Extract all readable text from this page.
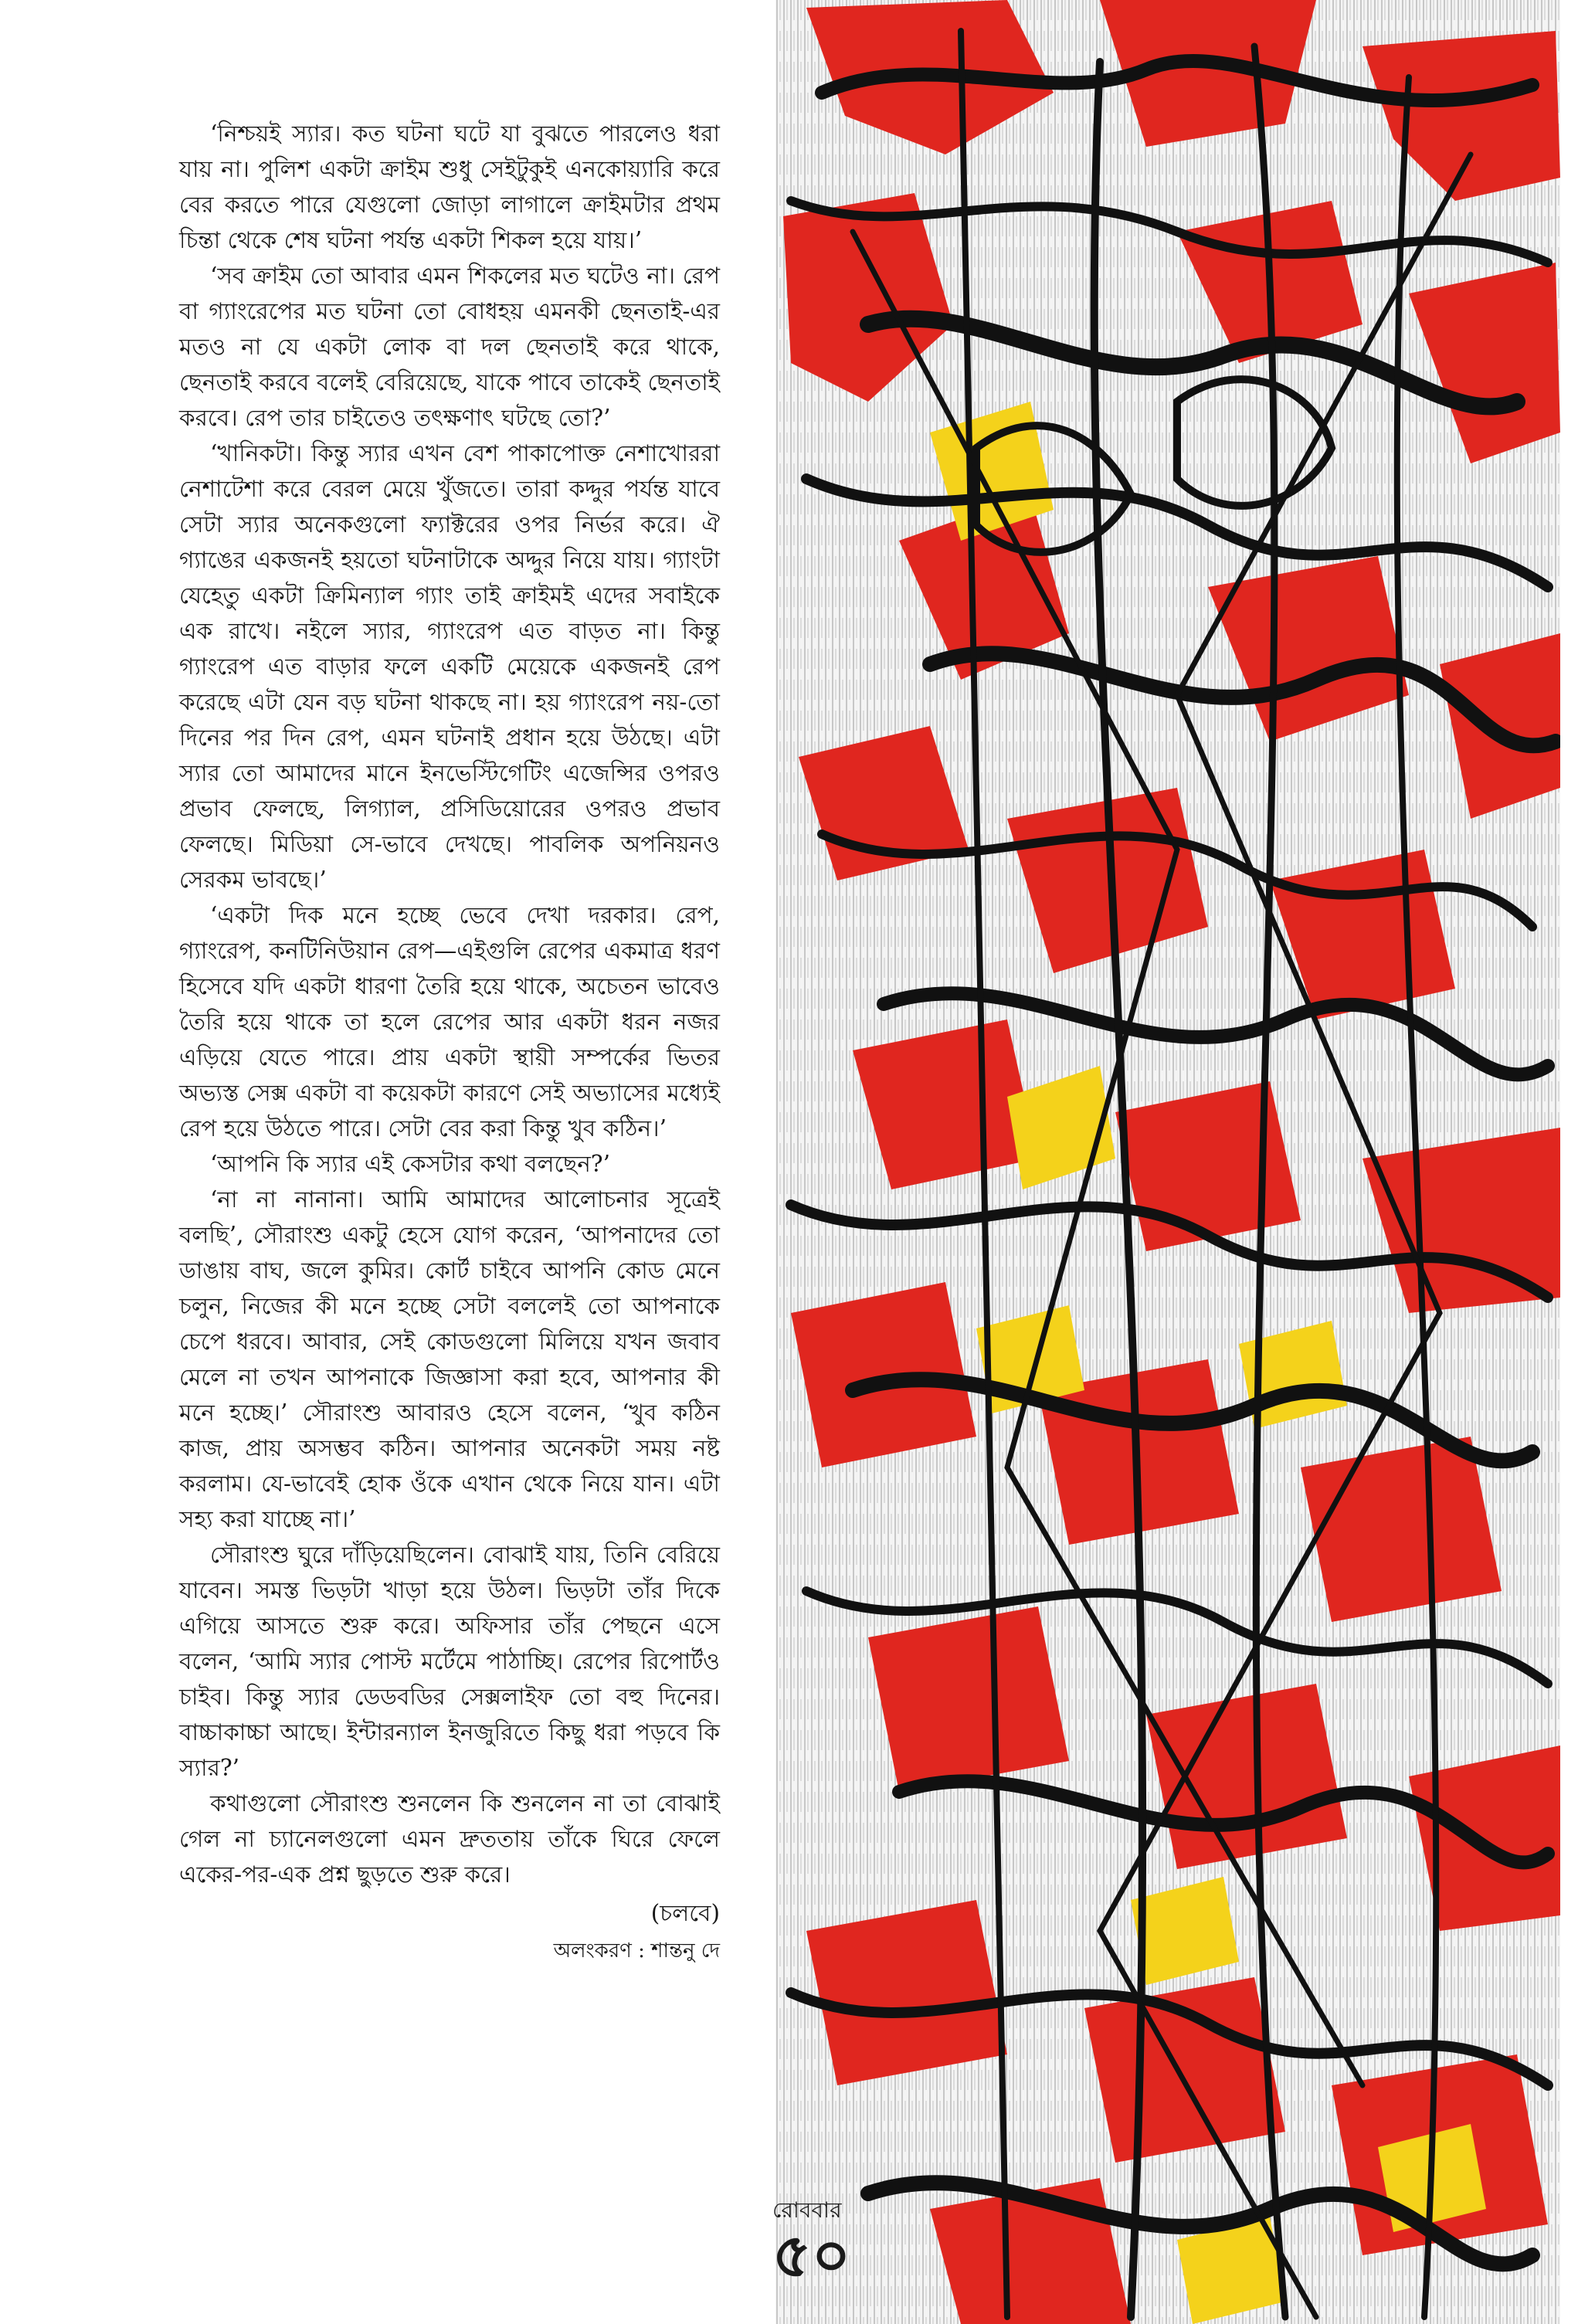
‘নিশ্চয়ই স্যার। কত ঘটনা ঘটে যা বুঝতে পারলেও ধরা যায় না। পুলিশ একটা ক্রাইম শুধু সেইটুকুই এনকোয়্যারি করে বের করতে পারে যেগুলো জোড়া লাগালে ক্রাইমটার প্রথম চিন্তা থেকে শেষ ঘটনা পর্যন্ত একটা শিকল হয়ে যায়।’

‘সব ক্রাইম তো আবার এমন শিকলের মত ঘটেও না। রেপ বা গ্যাংরেপের মত ঘটনা তো বোধহয় এমনকী ছেনতাই-এর মতও না যে একটা লোক বা দল ছেনতাই করে থাকে, ছেনতাই করবে বলেই বেরিয়েছে, যাকে পাবে তাকেই ছেনতাই করবে। রেপ তার চাইতেও তৎক্ষণাৎ ঘটছে তো?’

‘খানিকটা। কিন্তু স্যার এখন বেশ পাকাপোক্ত নেশাখোররা নেশাটেশা করে বেরল মেয়ে খুঁজতে। তারা কদ্দুর পর্যন্ত যাবে সেটা স্যার অনেকগুলো ফ্যাক্টরের ওপর নির্ভর করে। ঐ গ্যাঙের একজনই হয়তো ঘটনাটাকে অদ্দুর নিয়ে যায়। গ্যাংটা যেহেতু একটা ক্রিমিন্যাল গ্যাং তাই ক্রাইমই এদের সবাইকে এক রাখে। নইলে স্যার, গ্যাংরেপ এত বাড়ত না। কিন্তু গ্যাংরেপ এত বাড়ার ফলে একটি মেয়েকে একজনই রেপ করেছে এটা যেন বড় ঘটনা থাকছে না। হয় গ্যাংরেপ নয়-তো দিনের পর দিন রেপ, এমন ঘটনাই প্রধান হয়ে উঠছে। এটা স্যার তো আমাদের মানে ইনভেস্টিগেটিং এজেন্সির ওপরও প্রভাব ফেলছে, লিগ্যাল, প্রসিডিয়োরের ওপরও প্রভাব ফেলছে। মিডিয়া সে-ভাবে দেখছে। পাবলিক অপনিয়নও সেরকম ভাবছে।’

‘একটা দিক মনে হচ্ছে ভেবে দেখা দরকার। রেপ, গ্যাংরেপ, কনটিনিউয়ান রেপ—এইগুলি রেপের একমাত্র ধরণ হিসেবে যদি একটা ধারণা তৈরি হয়ে থাকে, অচেতন ভাবেও তৈরি হয়ে থাকে তা হলে রেপের আর একটা ধরন নজর এড়িয়ে যেতে পারে। প্রায় একটা স্থায়ী সম্পর্কের ভিতর অভ্যস্ত সেক্স একটা বা কয়েকটা কারণে সেই অভ্যাসের মধ্যেই রেপ হয়ে উঠতে পারে। সেটা বের করা কিন্তু খুব কঠিন।’

‘আপনি কি স্যার এই কেসটার কথা বলছেন?’

‘না না নানানা। আমি আমাদের আলোচনার সূত্রেই বলছি’, সৌরাংশু একটু হেসে যোগ করেন, ‘আপনাদের তো ডাঙায় বাঘ, জলে কুমির। কোর্ট চাইবে আপনি কোড মেনে চলুন, নিজের কী মনে হচ্ছে সেটা বললেই তো আপনাকে চেপে ধরবে। আবার, সেই কোডগুলো মিলিয়ে যখন জবাব মেলে না তখন আপনাকে জিজ্ঞাসা করা হবে, আপনার কী মনে হচ্ছে।’ সৌরাংশু আবারও হেসে বলেন, ‘খুব কঠিন কাজ, প্রায় অসম্ভব কঠিন। আপনার অনেকটা সময় নষ্ট করলাম। যে-ভাবেই হোক ওঁকে এখান থেকে নিয়ে যান। এটা সহ্য করা যাচ্ছে না।’

সৌরাংশু ঘুরে দাঁড়িয়েছিলেন। বোঝাই যায়, তিনি বেরিয়ে যাবেন। সমস্ত ভিড়টা খাড়া হয়ে উঠল। ভিড়টা তাঁর দিকে এগিয়ে আসতে শুরু করে। অফিসার তাঁর পেছনে এসে বলেন, ‘আমি স্যার পোস্ট মর্টেমে পাঠাচ্ছি। রেপের রিপোর্টও চাইব। কিন্তু স্যার ডেডবডির সেক্সলাইফ তো বহু দিনের। বাচ্চাকাচ্চা আছে। ইন্টারন্যাল ইনজুরিতে কিছু ধরা পড়বে কি স্যার?’

কথাগুলো সৌরাংশু শুনলেন কি শুনলেন না তা বোঝাই গেল না চ্যানেলগুলো এমন দ্রুততায় তাঁকে ঘিরে ফেলে একের-পর-এক প্রশ্ন ছুড়তে শুরু করে।

(চলবে)
অলংকরণ : শান্তনু দে
রোববার
৫০
